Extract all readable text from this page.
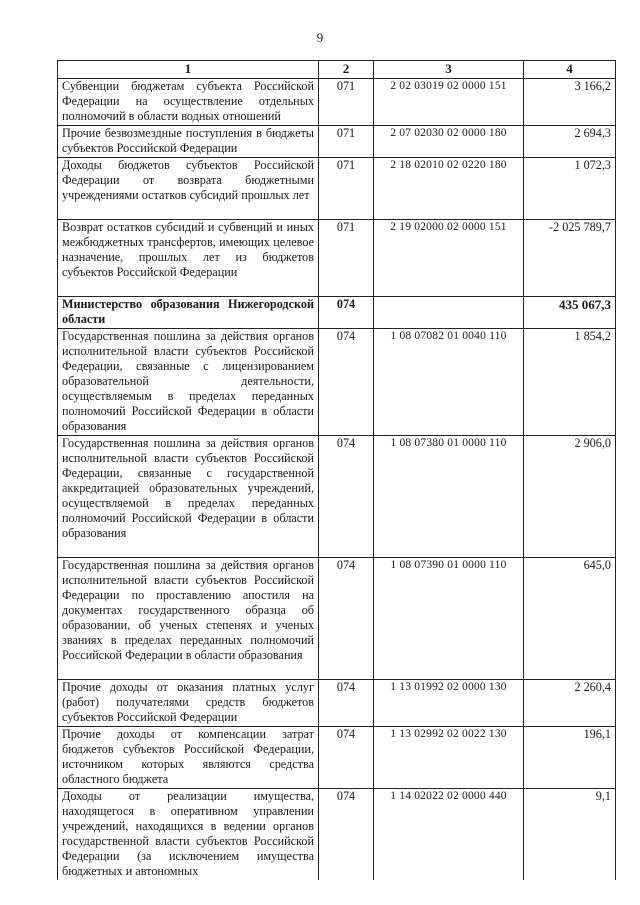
9
1	2	3	4
Субвенции бюджетам субъекта Российской Федерации на осуществление отдельных полномочий в области водных отношений	071	2 02 03019 02 0000 151	3 166,2
Прочие безвозмездные поступления в бюджеты субъектов Российской Федерации	071	2 07 02030 02 0000 180	2 694,3
Доходы бюджетов субъектов Российской Федерации от возврата бюджетными учреждениями остатков субсидий прошлых лет	071	2 18 02010 02 0220 180	1 072,3
Возврат остатков субсидий и субвенций и иных межбюджетных трансфертов, имеющих целевое назначение, прошлых лет из бюджетов субъектов Российской Федерации	071	2 19 02000 02 0000 151	-2 025 789,7
Министерство образования Нижегородской области	074		435 067,3
Государственная пошлина за действия органов исполнительной власти субъектов Российской Федерации, связанные с лицензированием образовательной деятельности, осуществляемым в пределах переданных полномочий Российской Федерации в области образования	074	1 08 07082 01 0040 110	1 854,2
Государственная пошлина за действия органов исполнительной власти субъектов Российской Федерации, связанные с государственной аккредитацией образовательных учреждений, осуществляемой в пределах переданных полномочий Российской Федерации в области образования	074	1 08 07380 01 0000 110	2 906,0
Государственная пошлина за действия органов исполнительной власти субъектов Российской Федерации по проставлению апостиля на документах государственного образца об образовании, об ученых степенях и ученых званиях в пределах переданных полномочий Российской Федерации в области образования	074	1 08 07390 01 0000 110	645,0
Прочие доходы от оказания платных услуг (работ) получателями средств бюджетов субъектов Российской Федерации	074	1 13 01992 02 0000 130	2 260,4
Прочие доходы от компенсации затрат бюджетов субъектов Российской Федерации, источником которых являются средства областного бюджета	074	1 13 02992 02 0022 130	196,1
Доходы от реализации имущества, находящегося в оперативном управлении учреждений, находящихся в ведении органов государственной власти субъектов Российской Федерации (за исключением имущества бюджетных и автономных	074	1 14 02022 02 0000 440	9,1
